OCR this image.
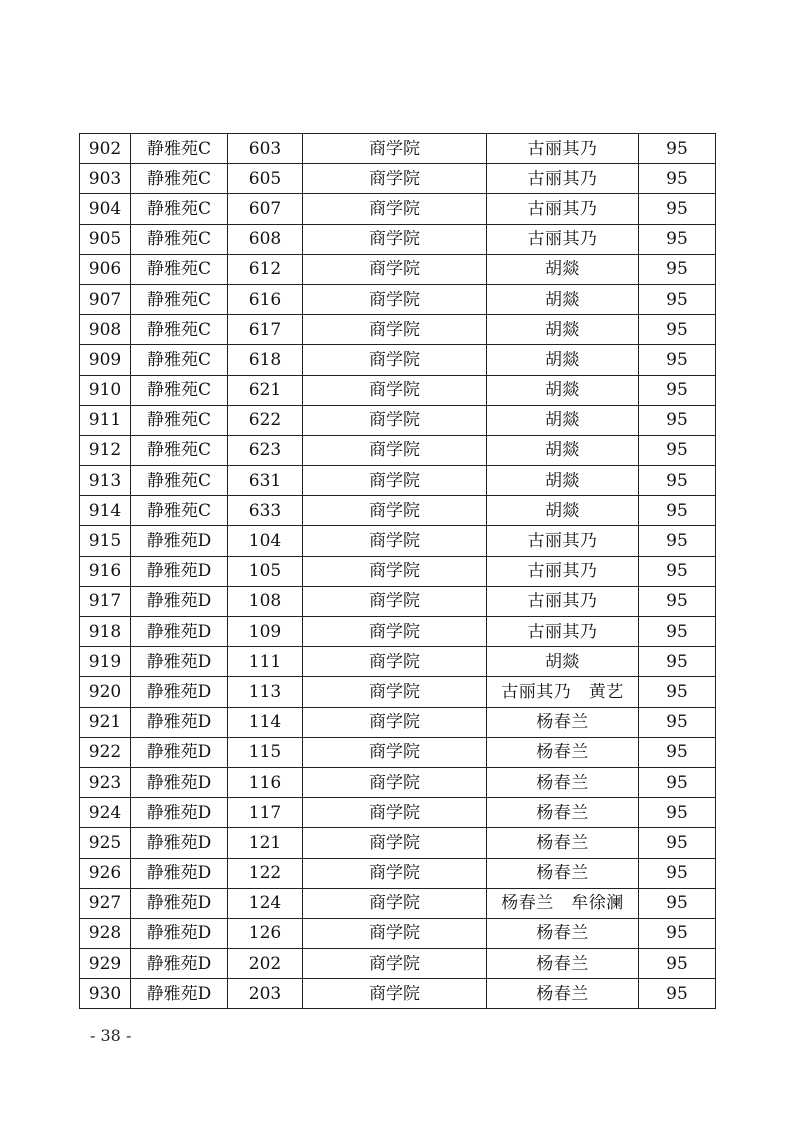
902	静雅苑C	603	商学院	古丽其乃	95

903	静雅苑C	605	商学院	古丽其乃	95

904	静雅苑C	607	商学院	古丽其乃	95

905	静雅苑C	608	商学院	古丽其乃	95

906	静雅苑C	612	商学院	胡燚	95

907	静雅苑C	616	商学院	胡燚	95

908	静雅苑C	617	商学院	胡燚	95

909	静雅苑C	618	商学院	胡燚	95

910	静雅苑C	621	商学院	胡燚	95

911	静雅苑C	622	商学院	胡燚	95

912	静雅苑C	623	商学院	胡燚	95

913	静雅苑C	631	商学院	胡燚	95

914	静雅苑C	633	商学院	胡燚	95

915	静雅苑D	104	商学院	古丽其乃	95

916	静雅苑D	105	商学院	古丽其乃	95

917	静雅苑D	108	商学院	古丽其乃	95

918	静雅苑D	109	商学院	古丽其乃	95

919	静雅苑D	111	商学院	胡燚	95

920	静雅苑D	113	商学院	古丽其乃　黄艺	95

921	静雅苑D	114	商学院	杨春兰	95

922	静雅苑D	115	商学院	杨春兰	95

923	静雅苑D	116	商学院	杨春兰	95

924	静雅苑D	117	商学院	杨春兰	95

925	静雅苑D	121	商学院	杨春兰	95

926	静雅苑D	122	商学院	杨春兰	95

927	静雅苑D	124	商学院	杨春兰　牟徐澜	95

928	静雅苑D	126	商学院	杨春兰	95

929	静雅苑D	202	商学院	杨春兰	95

930	静雅苑D	203	商学院	杨春兰	95
- 38 -
